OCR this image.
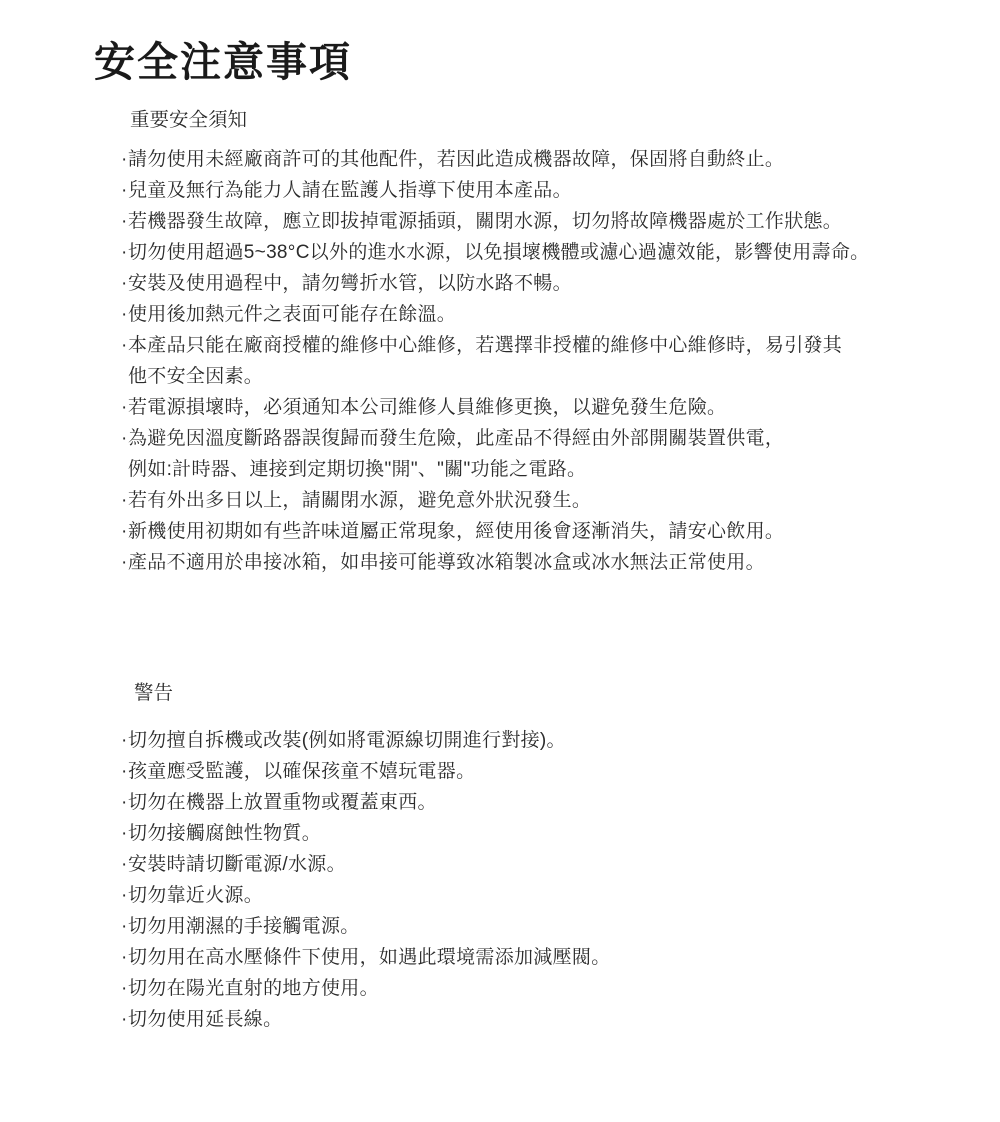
安全注意事項
重要安全須知
·請勿使用未經廠商許可的其他配件，若因此造成機器故障，保固將自動終止。
·兒童及無行為能力人請在監護人指導下使用本產品。
·若機器發生故障，應立即拔掉電源插頭，關閉水源，切勿將故障機器處於工作狀態。
·切勿使用超過5~38°C以外的進水水源，以免損壞機體或濾心過濾效能，影響使用壽命。
·安裝及使用過程中，請勿彎折水管，以防水路不暢。
·使用後加熱元件之表面可能存在餘溫。
·本產品只能在廠商授權的維修中心維修，若選擇非授權的維修中心維修時，易引發其
他不安全因素。
·若電源損壞時，必須通知本公司維修人員維修更換，以避免發生危險。
·為避免因溫度斷路器誤復歸而發生危險，此產品不得經由外部開關裝置供電，
例如:計時器、連接到定期切換"開"、"關"功能之電路。
·若有外出多日以上，請關閉水源，避免意外狀況發生。
·新機使用初期如有些許味道屬正常現象，經使用後會逐漸消失，請安心飲用。
·產品不適用於串接冰箱，如串接可能導致冰箱製冰盒或冰水無法正常使用。
警告
·切勿擅自拆機或改裝(例如將電源線切開進行對接)。
·孩童應受監護，以確保孩童不嬉玩電器。
·切勿在機器上放置重物或覆蓋東西。
·切勿接觸腐蝕性物質。
·安裝時請切斷電源/水源。
·切勿靠近火源。
·切勿用潮濕的手接觸電源。
·切勿用在高水壓條件下使用，如遇此環境需添加減壓閥。
·切勿在陽光直射的地方使用。
·切勿使用延長線。
